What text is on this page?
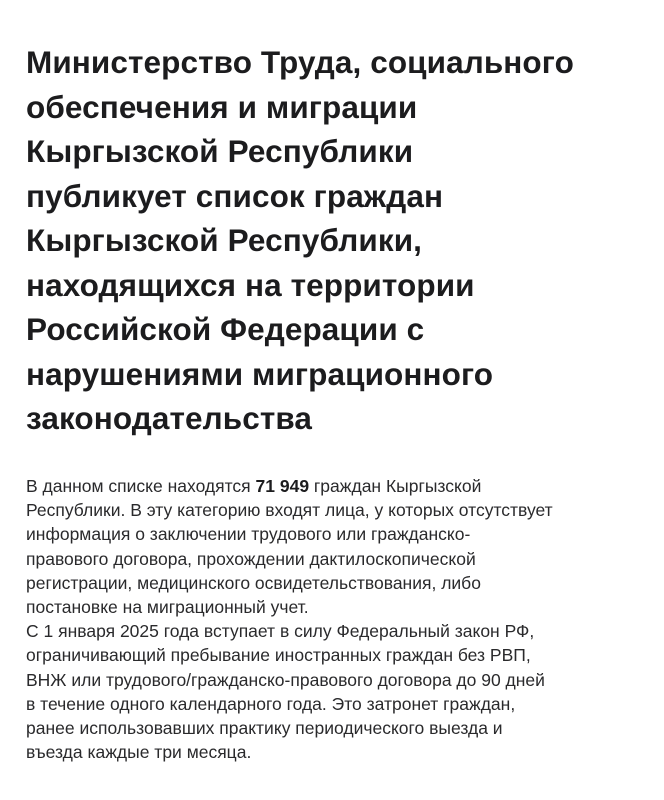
Министерство Труда, социального
обеспечения и миграции
Кыргызской Республики
публикует список граждан
Кыргызской Республики,
находящихся на территории
Российской Федерации с
нарушениями миграционного
законодательства
В данном списке находятся 71 949 граждан Кыргызской
Республики. В эту категорию входят лица, у которых отсутствует
информация о заключении трудового или гражданско-
правового договора, прохождении дактилоскопической
регистрации, медицинского освидетельствования, либо
постановке на миграционный учет.
С 1 января 2025 года вступает в силу Федеральный закон РФ,
ограничивающий пребывание иностранных граждан без РВП,
ВНЖ или трудового/гражданско-правового договора до 90 дней
в течение одного календарного года. Это затронет граждан,
ранее использовавших практику периодического выезда и
въезда каждые три месяца.
